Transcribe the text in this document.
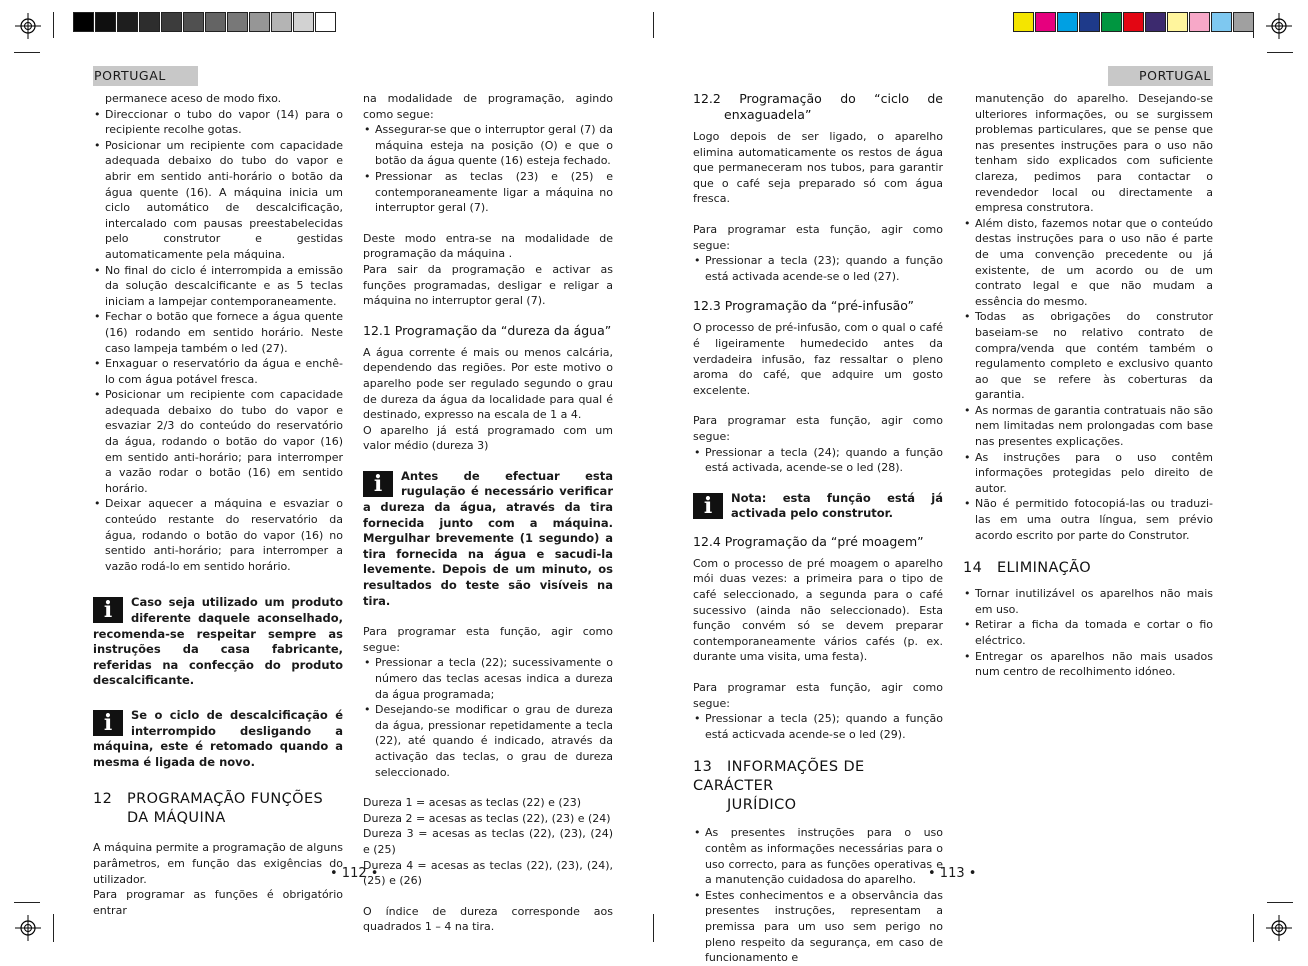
PORTUGAL	PORTUGAL

permanece aceso de modo fixo.

• Direccionar o tubo do vapor (14) para o recipiente recolhe gotas.
• Posicionar um recipiente com capacidade adequada debaixo do tubo do vapor e abrir em sentido anti-horário o botão da água quente (16). A máquina inicia um ciclo automático de descalcificação, intercalado com pausas preestabelecidas pelo construtor e gestidas automaticamente pela máquina.
• No final do ciclo é interrompida a emissão da solução descalcificante e as 5 teclas iniciam a lampejar contemporaneamente.
• Fechar o botão que fornece a água quente (16) rodando em sentido horário. Neste caso lampeja também o led (27).
• Enxaguar o reservatório da água e enchê-lo com água potável fresca.
• Posicionar um recipiente com capacidade adequada debaixo do tubo do vapor e esvaziar 2/3 do conteúdo do reservatório da água, rodando o botão do vapor (16) em sentido anti-horário; para interromper a vazão rodar o botão (16) em sentido horário.
• Deixar aquecer a máquina e esvaziar o conteúdo restante do reservatório da água, rodando o botão do vapor (16) no sentido anti-horário; para interromper a vazão rodá-lo em sentido horário.
i	Caso seja utilizado um produto diferente daquele aconselhado, recomenda-se respeitar sempre as instruções da casa fabricante, referidas na confecção do produto descalcificante.
i	Se o ciclo de descalcificação é interrompido desligando a máquina, este é retomado quando a mesma é ligada de novo.
12 PROGRAMAÇÃO FUNÇÕES
DA MÁQUINA

A máquina permite a programação de alguns parâmetros, em função das exigências do utilizador.

Para programar as funções é obrigatório entrar

na modalidade de programação, agindo como segue:

• Assegurar-se que o interruptor geral (7) da máquina esteja na posição (O) e que o botão da água quente (16) esteja fechado.
• Pressionar as teclas (23) e (25) e contemporaneamente ligar a máquina no interruptor geral (7).

Deste modo entra-se na modalidade de programação da máquina .

Para sair da programação e activar as funções programadas, desligar e religar a máquina no interruptor geral (7).

12.1 Programação da “dureza da água”

A água corrente é mais ou menos calcária, dependendo das regiões. Por este motivo o aparelho pode ser regulado segundo o grau de dureza da água da localidade para qual é destinado, expresso na escala de 1 a 4.

O aparelho já está programado com um valor médio (dureza 3)

i	Antes de efectuar esta rugulação é necessário verificar a dureza da água, através da tira fornecida junto com a máquina. Mergulhar brevemente (1 segundo) a tira fornecida na água e sacudi-la levemente. Depois de um minuto, os resultados do teste são visíveis na tira.

Para programar esta função, agir como segue:

• Pressionar a tecla (22); sucessivamente o número das teclas acesas indica a dureza da água programada;
• Desejando-se modificar o grau de dureza da água, pressionar repetidamente a tecla (22), até quando é indicado, através da activação das teclas, o grau de dureza seleccionado.

Dureza 1 = acesas as teclas (22) e (23)

Dureza 2 = acesas as teclas (22), (23) e (24)

Dureza 3 = acesas as teclas (22), (23), (24) e (25)

Dureza 4 = acesas as teclas (22), (23), (24), (25) e (26)

O índice de dureza corresponde aos quadrados 1 – 4 na tira.

12.2 Programação do “ciclo de

enxaguadela”

Logo depois de ser ligado, o aparelho elimina automaticamente os restos de água que permaneceram nos tubos, para garantir que o café seja preparado só com água fresca.

Para programar esta função, agir como segue:

• Pressionar a tecla (23); quando a função está activada acende-se o led (27).

12.3 Programação da “pré-infusão”

O processo de pré-infusão, com o qual o café é ligeiramente humedecido antes da verdadeira infusão, faz ressaltar o pleno aroma do café, que adquire um gosto excelente.

Para programar esta função, agir como segue:

• Pressionar a tecla (24); quando a função está activada, acende-se o led (28).
i	Nota: esta função está já activada pelo construtor.

12.4 Programação da “pré moagem”

Com o processo de pré moagem o aparelho mói duas vezes: a primeira para o tipo de café seleccionado, a segunda para o café sucessivo (ainda não seleccionado). Esta função convém só se devem preparar contemporaneamente vários cafés (p. ex. durante uma visita, uma festa).

Para programar esta função, agir como segue:

• Pressionar a tecla (25); quando a função está acticvada acende-se o led (29).
13 INFORMAÇÕES DE CARÁCTER
JURÍDICO
• As presentes instruções para o uso contêm as informações necessárias para o uso correcto, para as funções operativas e a manutenção cuidadosa do aparelho.
• Estes conhecimentos e a observância das presentes instruções, representam a premissa para um uso sem perigo no pleno respeito da segurança, em caso de funcionamento e

manutenção do aparelho. Desejando-se ulteriores informações, ou se surgissem problemas particulares, que se pense que nas presentes instruções para o uso não tenham sido explicados com suficiente clareza, pedimos para contactar o revendedor local ou directamente a empresa construtora.

• Além disto, fazemos notar que o conteúdo destas instruções para o uso não é parte de uma convenção precedente ou já existente, de um acordo ou de um contrato legal e que não mudam a essência do mesmo.
• Todas as obrigações do construtor baseiam-se no relativo contrato de compra/venda que contém também o regulamento completo e exclusivo quanto ao que se refere às coberturas da garantia.
• As normas de garantia contratuais não são nem limitadas nem prolongadas com base nas presentes explicações.
• As instruções para o uso contêm informações protegidas pelo direito de autor.
• Não é permitido fotocopiá-las ou traduzi-las em uma outra língua, sem prévio acordo escrito por parte do Construtor.
14 ELIMINAÇÃO
• Tornar inutilizável os aparelhos não mais em uso.
• Retirar a ficha da tomada e cortar o fio eléctrico.
• Entregar os aparelhos não mais usados num centro de recolhimento idóneo.
• 112 •	• 113 •
